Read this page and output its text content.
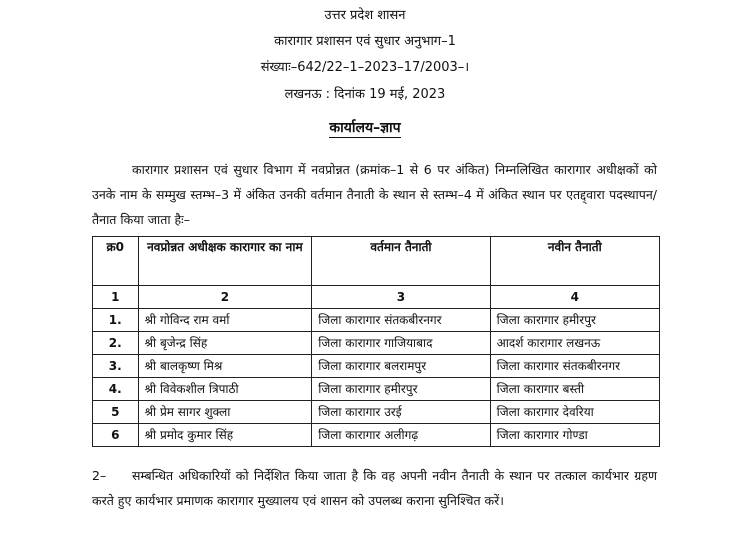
उत्तर प्रदेश शासन
कारागार प्रशासन एवं सुधार अनुभाग–1
संख्याः–642/22–1–2023–17/2003–।
लखनऊ : दिनांक 19 मई, 2023
कार्यालय–ज्ञाप
कारागार प्रशासन एवं सुधार विभाग में नवप्रोन्नत (क्रमांक–1 से 6 पर अंकित) निम्नलिखित कारागार अधीक्षकों को उनके नाम के सम्मुख स्तम्भ–3 में अंकित उनकी वर्तमान तैनाती के स्थान से स्तम्भ–4 में अंकित स्थान पर एतद्द्वारा पदस्थापन/तैनात किया जाता हैः–
क्र0	नवप्रोन्नत अधीक्षक कारागार का नाम	वर्तमान तैनाती	नवीन तैनाती
1	2	3	4
1.	श्री गोविन्द राम वर्मा	जिला कारागार संतकबीरनगर	जिला कारागार हमीरपुर
2.	श्री बृजेन्द्र सिंह	जिला कारागार गाजियाबाद	आदर्श कारागार लखनऊ
3.	श्री बालकृष्ण मिश्र	जिला कारागार बलरामपुर	जिला कारागार संतकबीरनगर
4.	श्री विवेकशील त्रिपाठी	जिला कारागार हमीरपुर	जिला कारागार बस्ती
5	श्री प्रेम सागर शुक्ला	जिला कारागार उरई	जिला कारागार देवरिया
6	श्री प्रमोद कुमार सिंह	जिला कारागार अलीगढ़	जिला कारागार गोण्डा
2– सम्बन्धित अधिकारियों को निर्देशित किया जाता है कि वह अपनी नवीन तैनाती के स्थान पर तत्काल कार्यभार ग्रहण करते हुए कार्यभार प्रमाणक कारागार मुख्यालय एवं शासन को उपलब्ध कराना सुनिश्चित करें।
